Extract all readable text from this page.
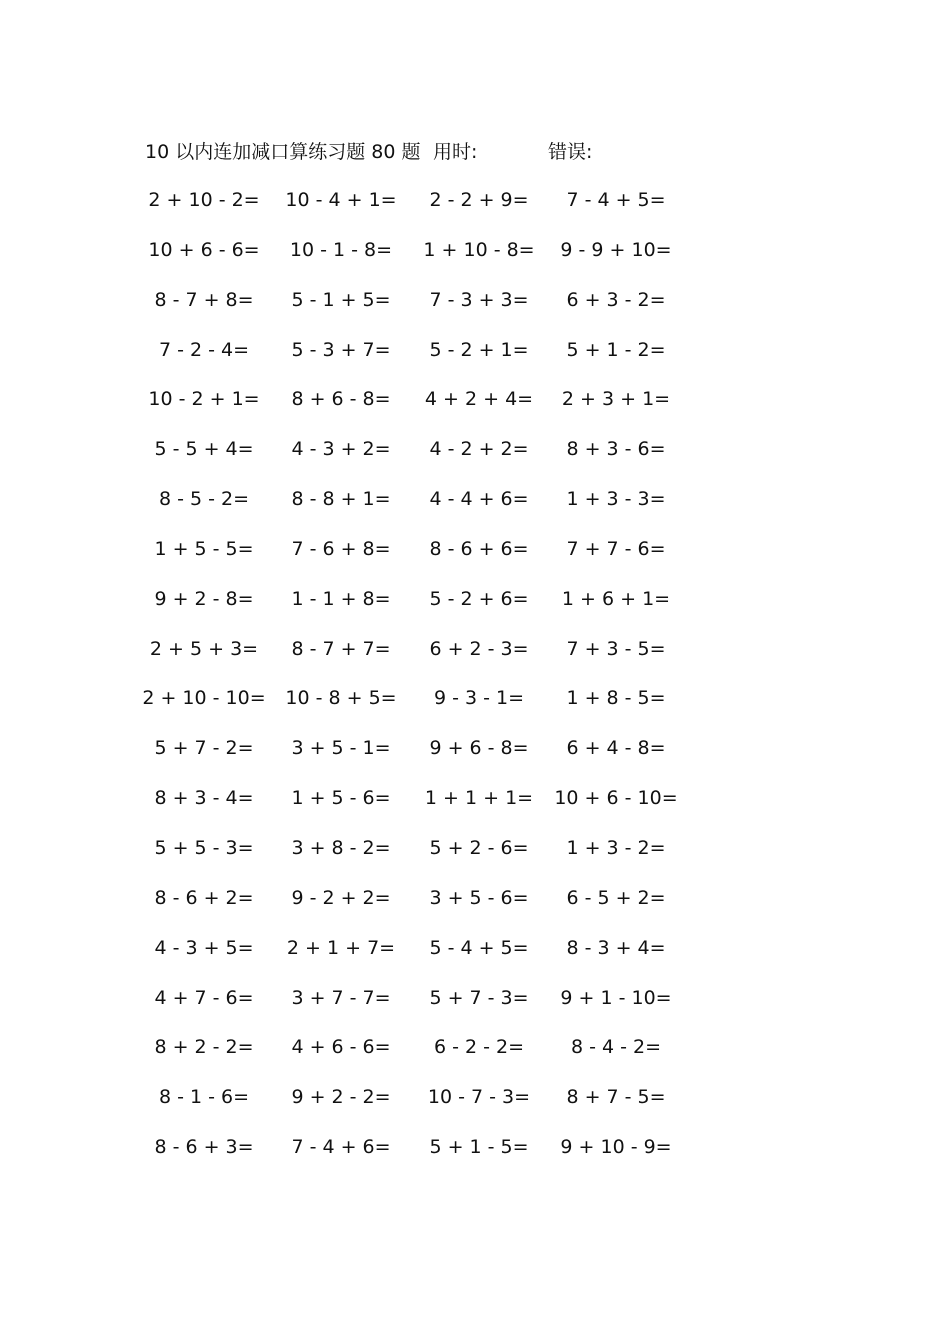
10 以内连加减口算练习题 80 题 用时:	错误:
2 + 10 - 2=	10 - 4 + 1=	2 - 2 + 9=	7 - 4 + 5=
10 + 6 - 6=	10 - 1 - 8=	1 + 10 - 8=	9 - 9 + 10=
8 - 7 + 8=	5 - 1 + 5=	7 - 3 + 3=	6 + 3 - 2=
7 - 2 - 4=	5 - 3 + 7=	5 - 2 + 1=	5 + 1 - 2=
10 - 2 + 1=	8 + 6 - 8=	4 + 2 + 4=	2 + 3 + 1=
5 - 5 + 4=	4 - 3 + 2=	4 - 2 + 2=	8 + 3 - 6=
8 - 5 - 2=	8 - 8 + 1=	4 - 4 + 6=	1 + 3 - 3=
1 + 5 - 5=	7 - 6 + 8=	8 - 6 + 6=	7 + 7 - 6=
9 + 2 - 8=	1 - 1 + 8=	5 - 2 + 6=	1 + 6 + 1=
2 + 5 + 3=	8 - 7 + 7=	6 + 2 - 3=	7 + 3 - 5=
2 + 10 - 10=	10 - 8 + 5=	9 - 3 - 1=	1 + 8 - 5=
5 + 7 - 2=	3 + 5 - 1=	9 + 6 - 8=	6 + 4 - 8=
8 + 3 - 4=	1 + 5 - 6=	1 + 1 + 1=	10 + 6 - 10=
5 + 5 - 3=	3 + 8 - 2=	5 + 2 - 6=	1 + 3 - 2=
8 - 6 + 2=	9 - 2 + 2=	3 + 5 - 6=	6 - 5 + 2=
4 - 3 + 5=	2 + 1 + 7=	5 - 4 + 5=	8 - 3 + 4=
4 + 7 - 6=	3 + 7 - 7=	5 + 7 - 3=	9 + 1 - 10=
8 + 2 - 2=	4 + 6 - 6=	6 - 2 - 2=	8 - 4 - 2=
8 - 1 - 6=	9 + 2 - 2=	10 - 7 - 3=	8 + 7 - 5=
8 - 6 + 3=	7 - 4 + 6=	5 + 1 - 5=	9 + 10 - 9=
